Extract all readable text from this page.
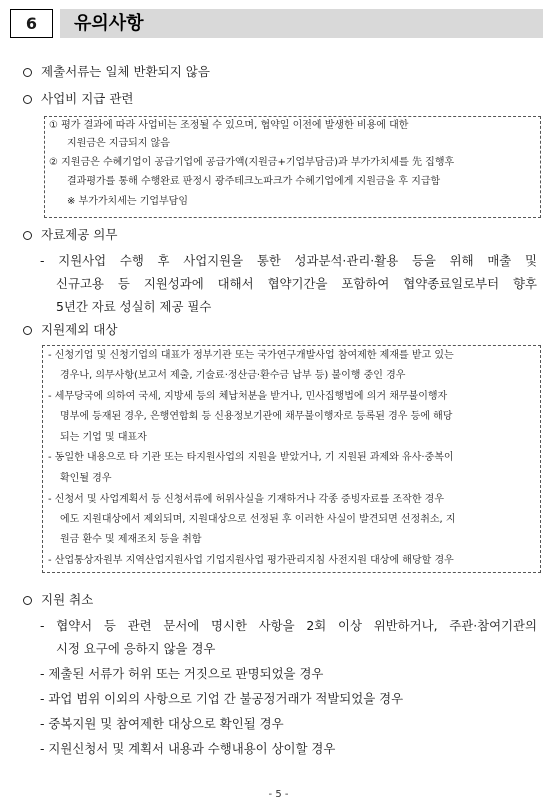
6	유의사항
제출서류는 일체 반환되지 않음
사업비 지급 관련
① 평가 결과에 따라 사업비는 조정될 수 있으며, 협약일 이전에 발생한 비용에 대한
지원금은 지급되지 않음
② 지원금은 수혜기업이 공급기업에 공급가액(지원금+기업부담금)과 부가가치세를 先 집행후
결과평가를 통해 수행완료 판정시 광주테크노파크가 수혜기업에게 지원금을 후 지급함
※ 부가가치세는 기업부담임
자료제공 의무
- 지원사업 수행 후 사업지원을 통한 성과분석·관리·활용 등을 위해 매출 및
신규고용 등 지원성과에 대해서 협약기간을 포함하여 협약종료일로부터 향후
5년간 자료 성실히 제공 필수
지원제외 대상
- 신청기업 및 신청기업의 대표가 정부기관 또는 국가연구개발사업 참여제한 제재를 받고 있는
경우나, 의무사항(보고서 제출, 기술료·정산금·환수금 납부 등) 불이행 중인 경우
- 세무당국에 의하여 국세, 지방세 등의 체납처분을 받거나, 민사집행법에 의거 채무불이행자
명부에 등재된 경우, 은행연합회 등 신용정보기관에 채무불이행자로 등록된 경우 등에 해당
되는 기업 및 대표자
- 동일한 내용으로 타 기관 또는 타지원사업의 지원을 받았거나, 기 지원된 과제와 유사·중복이
확인될 경우
- 신청서 및 사업계획서 등 신청서류에 허위사실을 기재하거나 각종 증빙자료를 조작한 경우
에도 지원대상에서 제외되며, 지원대상으로 선정된 후 이러한 사실이 발견되면 선정취소, 지
원금 환수 및 제재조치 등을 취함
- 산업통상자원부 지역산업지원사업 기업지원사업 평가관리지침 사전지원 대상에 해당할 경우
지원 취소
- 협약서 등 관련 문서에 명시한 사항을 2회 이상 위반하거나, 주관·참여기관의
시정 요구에 응하지 않을 경우
- 제출된 서류가 허위 또는 거짓으로 판명되었을 경우
- 과업 범위 이외의 사항으로 기업 간 불공정거래가 적발되었을 경우
- 중복지원 및 참여제한 대상으로 확인될 경우
- 지원신청서 및 계획서 내용과 수행내용이 상이할 경우
- 5 -
